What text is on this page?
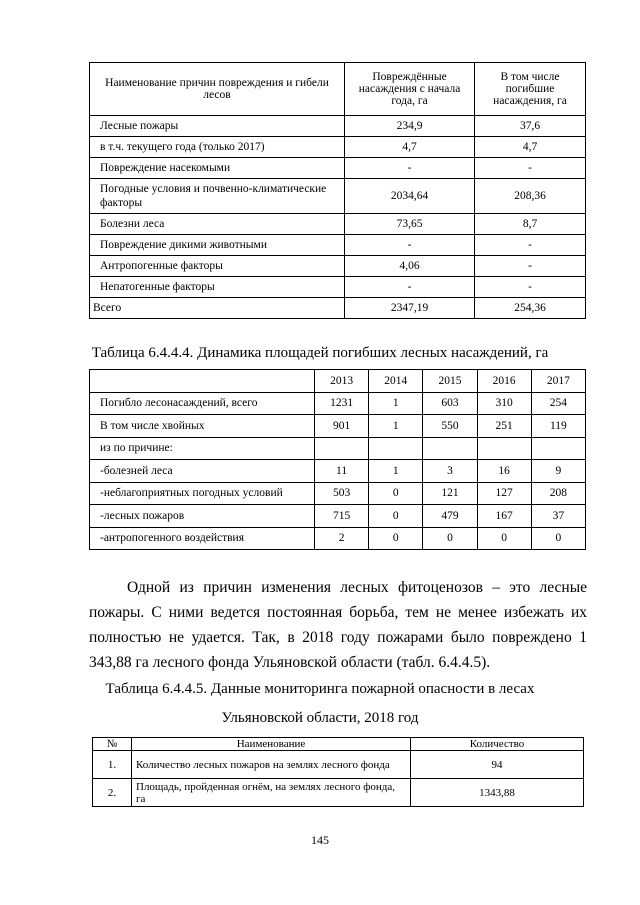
Наименование причин повреждения и гибели лесов	Повреждённые насаждения с начала года, га	В том числе погибшие насаждения, га
Лесные пожары	234,9	37,6
в т.ч. текущего года (только 2017)	4,7	4,7
Повреждение насекомыми	-	-
Погодные условия и почвенно-климатические факторы	2034,64	208,36
Болезни леса	73,65	8,7
Повреждение дикими животными	-	-
Антропогенные факторы	4,06	-
Непатогенные факторы	-	-
Всего	2347,19	254,36
Таблица 6.4.4.4. Динамика площадей погибших лесных насаждений, га
	2013	2014	2015	2016	2017
Погибло лесонасаждений, всего	1231	1	603	310	254
В том числе хвойных	901	1	550	251	119
из по причине:					
-болезней леса	11	1	3	16	9
-неблагоприятных погодных условий	503	0	121	127	208
-лесных пожаров	715	0	479	167	37
-антропогенного воздействия	2	0	0	0	0
Одной из причин изменения лесных фитоценозов – это лесные пожары. С ними ведется постоянная борьба, тем не менее избежать их полностью не удается. Так, в 2018 году пожарами было повреждено 1 343,88 га лесного фонда Ульяновской области (табл. 6.4.4.5).
Таблица 6.4.4.5. Данные мониторинга пожарной опасности в лесах
Ульяновской области, 2018 год
№	Наименование	Количество
1.	Количество лесных пожаров на землях лесного фонда	94
2.	Площадь, пройденная огнём, на землях лесного фонда, га	1343,88
145
